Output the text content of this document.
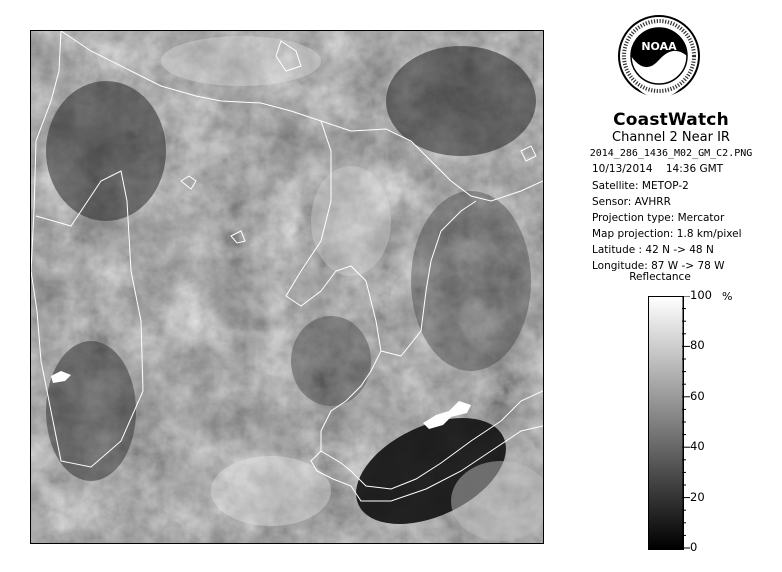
NOAA
CoastWatch
Channel 2 Near IR
2014_286_1436_M02_GM_C2.PNG
10/13/2014    14:36 GMT
Satellite: METOP-2
Sensor: AVHRR
Projection type: Mercator
Map projection: 1.8 km/pixel
Latitude : 42 N -> 48 N
Longitude: 87 W -> 78 W
Reflectance
100
80
60
40
20
0
%
